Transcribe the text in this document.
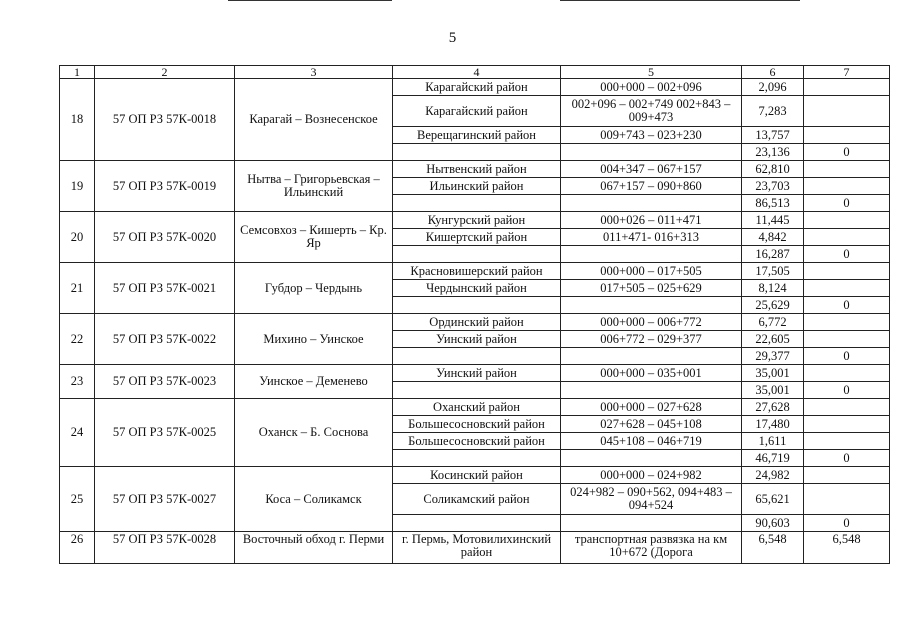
5
1	2	3	4	5	6	7
18	57 ОП РЗ 57К-0018	Карагай – Вознесенское	Карагайский район	000+000 – 002+096	2,096	
			Карагайский район	002+096 – 002+749 002+843 – 009+473	7,283	
			Верещагинский район	009+743 – 023+230	13,757	
					23,136	0
19	57 ОП РЗ 57К-0019	Нытва – Григорьевская – Ильинский	Нытвенский район	004+347 – 067+157	62,810	
			Ильинский район	067+157 – 090+860	23,703	
					86,513	0
20	57 ОП РЗ 57К-0020	Семсовхоз – Кишерть – Кр. Яр	Кунгурский район	000+026 – 011+471	11,445	
			Кишертский район	011+471- 016+313	4,842	
					16,287	0
21	57 ОП РЗ 57К-0021	Губдор – Чердынь	Красновишерский район	000+000 – 017+505	17,505	
			Чердынский район	017+505 – 025+629	8,124	
					25,629	0
22	57 ОП РЗ 57К-0022	Михино – Уинское	Ординский район	000+000 – 006+772	6,772	
			Уинский район	006+772 – 029+377	22,605	
					29,377	0
23	57 ОП РЗ 57К-0023	Уинское – Деменево	Уинский район	000+000 – 035+001	35,001	
					35,001	0
24	57 ОП РЗ 57К-0025	Оханск – Б. Соснова	Оханский район	000+000 – 027+628	27,628	
			Большесосновский район	027+628 – 045+108	17,480	
			Большесосновский район	045+108 – 046+719	1,611	
					46,719	0
25	57 ОП РЗ 57К-0027	Коса – Соликамск	Косинский район	000+000 – 024+982	24,982	
			Соликамский район	024+982 – 090+562, 094+483 – 094+524	65,621	
					90,603	0
26	57 ОП РЗ 57К-0028	Восточный обход г. Перми	г. Пермь, Мотовилихинский район	транспортная развязка на км 10+672 (Дорога	6,548	6,548
